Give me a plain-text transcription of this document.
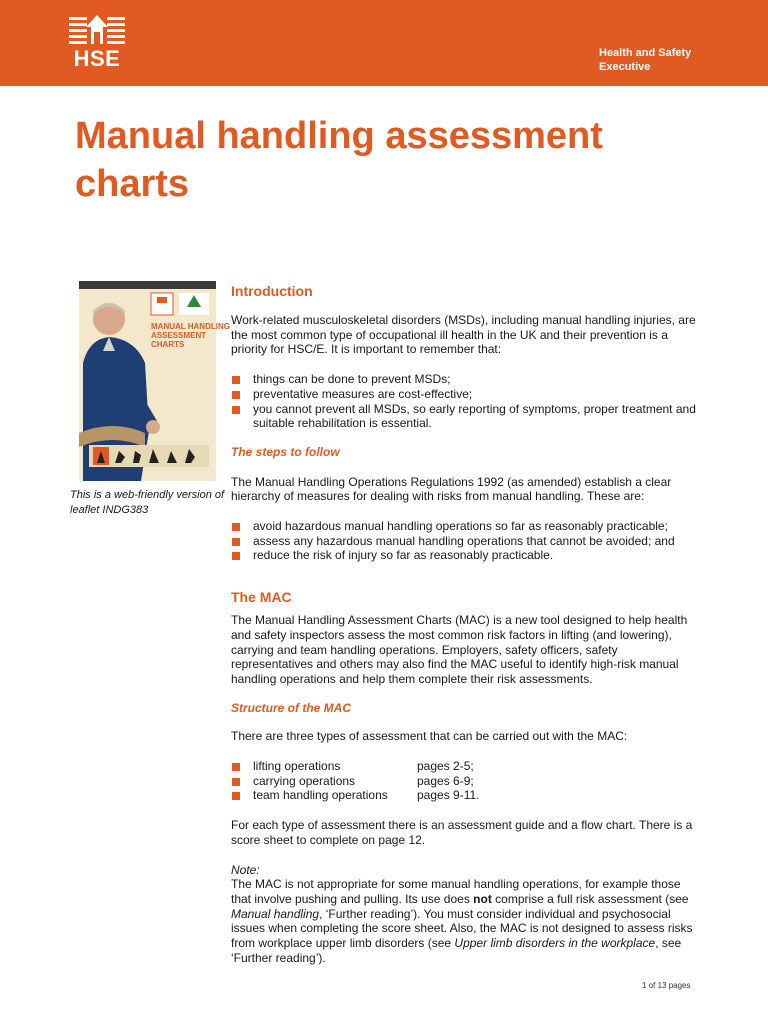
HSE	Health and Safety
Executive
Manual handling assessment charts
MANUAL HANDLING
ASSESSMENT
CHARTS
This is a web-friendly version of leaflet INDG383
Introduction

Work-related musculoskeletal disorders (MSDs), including manual handling injuries, are the most common type of occupational ill health in the UK and their prevention is a priority for HSC/E. It is important to remember that:

things can be done to prevent MSDs;
preventative measures are cost-effective;
you cannot prevent all MSDs, so early reporting of symptoms, proper treatment and suitable rehabilitation is essential.
The steps to follow

The Manual Handling Operations Regulations 1992 (as amended) establish a clear hierarchy of measures for dealing with risks from manual handling. These are:

avoid hazardous manual handling operations so far as reasonably practicable;
assess any hazardous manual handling operations that cannot be avoided; and
reduce the risk of injury so far as reasonably practicable.
The MAC

The Manual Handling Assessment Charts (MAC) is a new tool designed to help health and safety inspectors assess the most common risk factors in lifting (and lowering), carrying and team handling operations. Employers, safety officers, safety representatives and others may also find the MAC useful to identify high-risk manual handling operations and help them complete their risk assessments.

Structure of the MAC

There are three types of assessment that can be carried out with the MAC:

lifting operations	pages 2-5;
carrying operations	pages 6-9;
team handling operations pages 9-11.

For each type of assessment there is an assessment guide and a flow chart. There is a score sheet to complete on page 12.

Note:

The MAC is not appropriate for some manual handling operations, for example those that involve pushing and pulling. Its use does not comprise a full risk assessment (see Manual handling, ‘Further reading’). You must consider individual and psychosocial issues when completing the score sheet. Also, the MAC is not designed to assess risks from workplace upper limb disorders (see Upper limb disorders in the workplace, see ‘Further reading’).

1 of 13 pages
